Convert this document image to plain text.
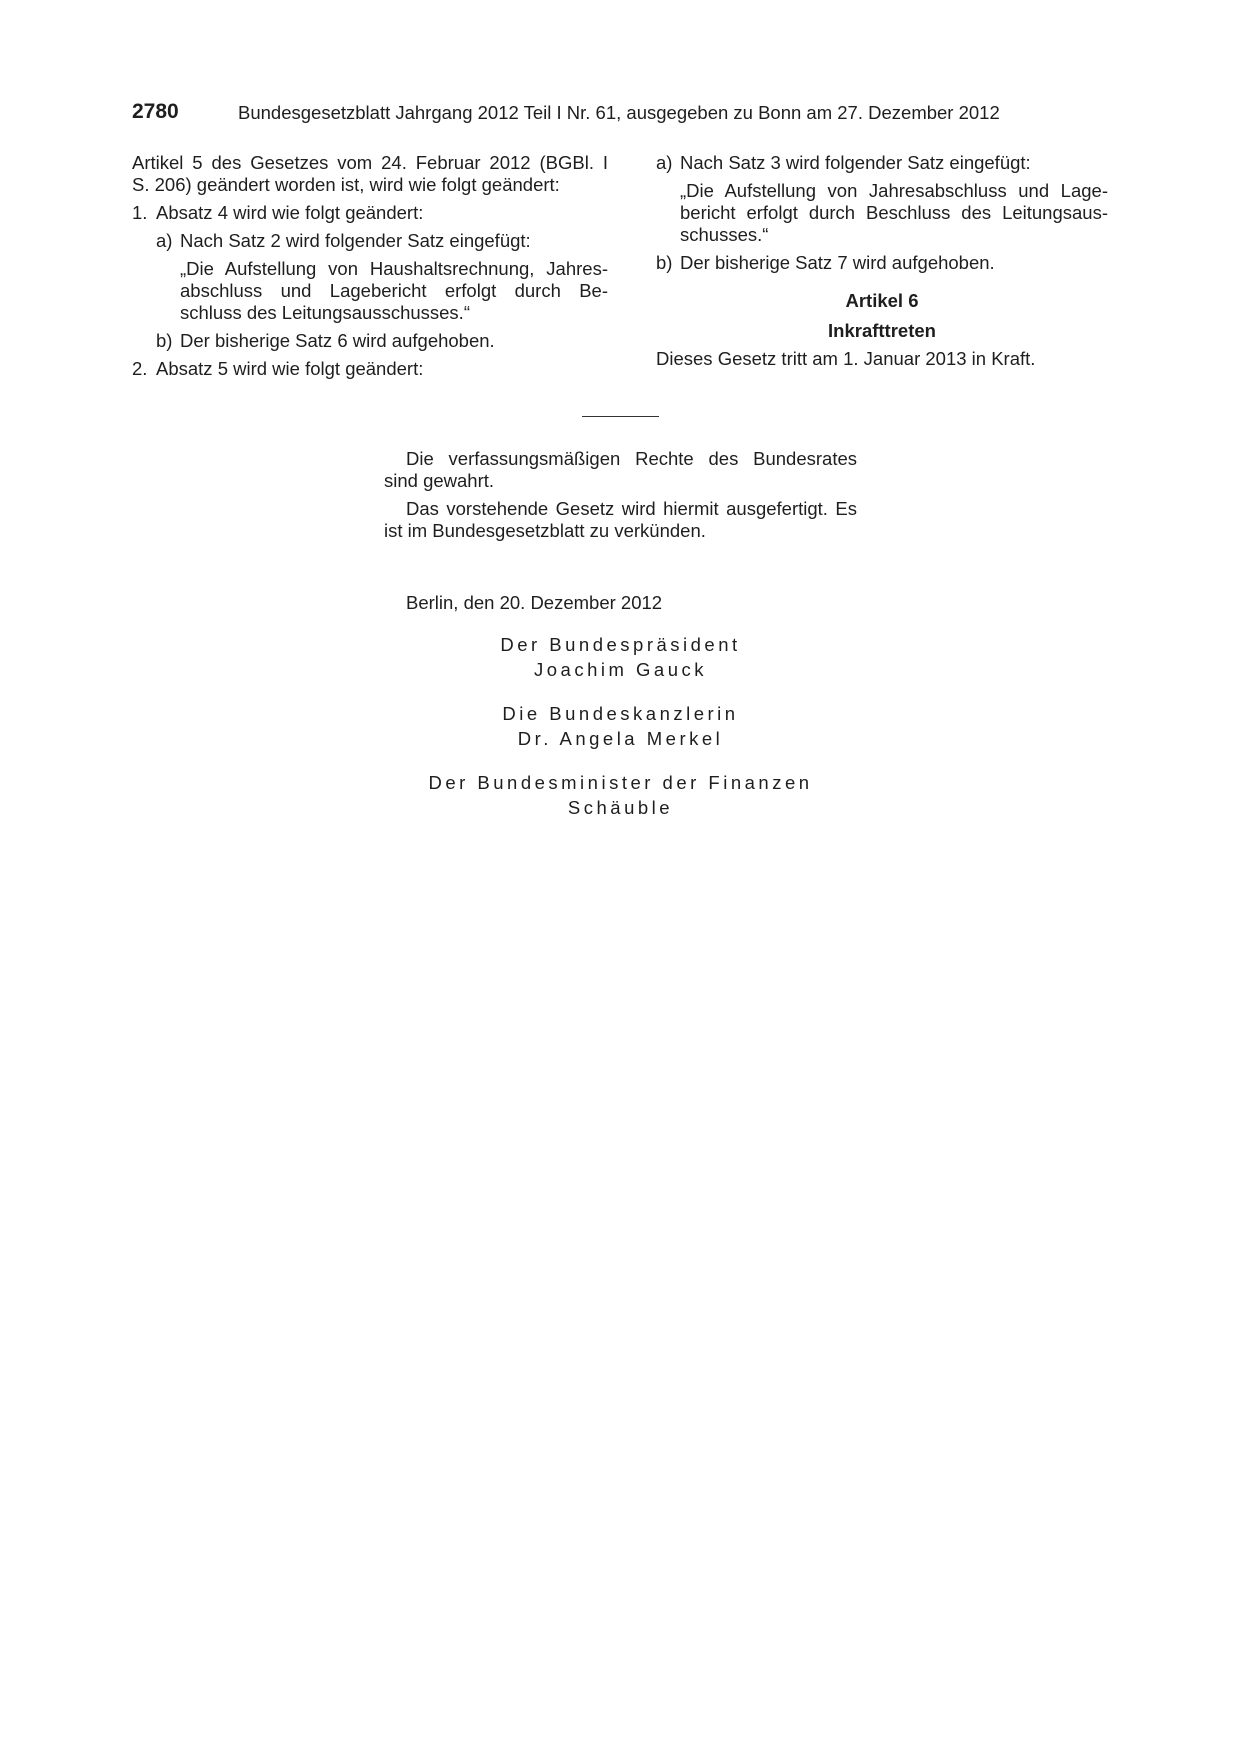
2780	Bundesgesetzblatt Jahrgang 2012 Teil I Nr. 61, ausgegeben zu Bonn am 27. Dezember 2012
Artikel 5 des Gesetzes vom 24. Februar 2012 (BGBl. I
S. 206) geändert worden ist, wird wie folgt geändert:
1. Absatz 4 wird wie folgt geändert:
a) Nach Satz 2 wird folgender Satz eingefügt:
„Die Aufstellung von Haushaltsrechnung, Jahres-
abschluss und Lagebericht erfolgt durch Be-
schluss des Leitungsausschusses.“
b) Der bisherige Satz 6 wird aufgehoben.
2. Absatz 5 wird wie folgt geändert:
a) Nach Satz 3 wird folgender Satz eingefügt:
„Die Aufstellung von Jahresabschluss und Lage-
bericht erfolgt durch Beschluss des Leitungsaus-
schusses.“
b) Der bisherige Satz 7 wird aufgehoben.
Artikel 6
Inkrafttreten
Dieses Gesetz tritt am 1. Januar 2013 in Kraft.

Die verfassungsmäßigen Rechte des Bundesrates

sind gewahrt.

Das vorstehende Gesetz wird hiermit ausgefertigt. Es

ist im Bundesgesetzblatt zu verkünden.

Berlin, den 20. Dezember 2012
Der Bundespräsident
Joachim Gauck
Die Bundeskanzlerin
Dr. Angela Merkel
Der Bundesminister der Finanzen
Schäuble
